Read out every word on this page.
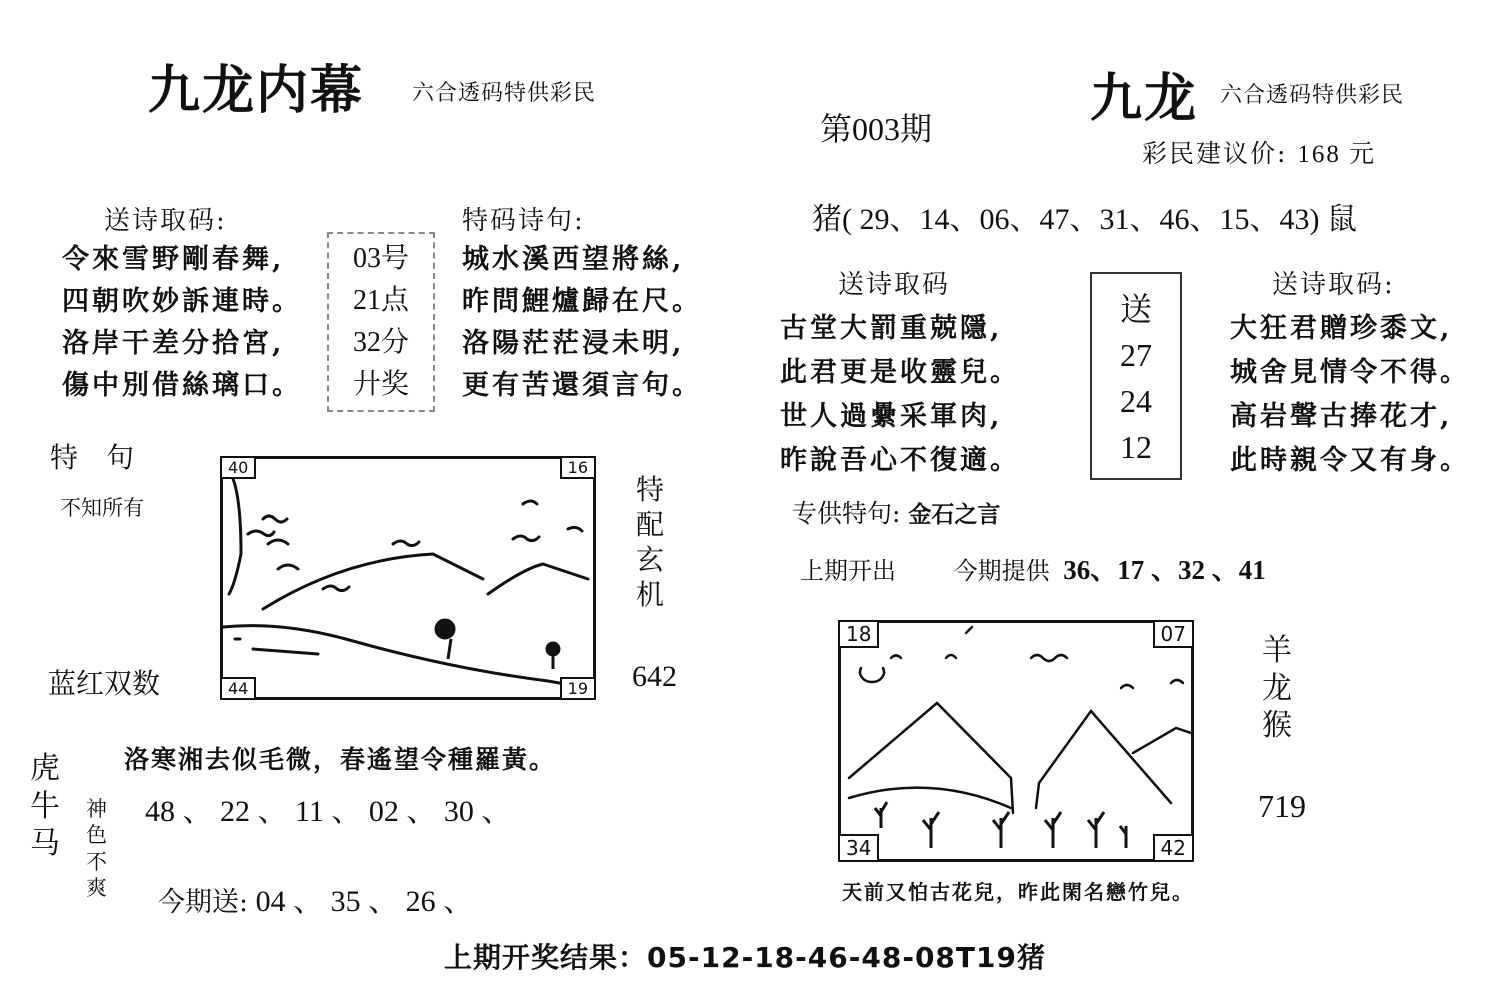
九龙内幕 六合透码特供彩民
送诗取码:
令來雪野剛春舞,
四朝吹妙訴連時。
洛岸干差分拾宮,
傷中別借絲璃口。
03号
21点
32分
廾奖
特码诗句:
城水溪西望將絲,
昨問鯉爐歸在尺。
洛陽茫茫浸未明,
更有苦還須言句。
特　句
不知所有
蓝红双数
40	16
44	19
特
配
玄
机
642
洛寒湘去似毛微，春遙望令種羅黃。
虎
牛
马
神
色
不
爽
48 、 22 、 11 、 02 、 30 、
今期送: 04 、 35 、 26 、
九龙 六合透码特供彩民
第003期
彩民建议价: 168 元
猪( 29、14、06、47、31、46、15、43) 鼠
送诗取码
古堂大罰重兢隱,
此君更是收靈兒。
世人過纍采軍肉,
昨說吾心不復適。
送
27
24
12
送诗取码:
大狂君贈珍黍文,
城舍見情令不得。
高岩聲古捧花才,
此時親令又有身。
专供特句: 金石之言
上期开出 今期提供 36、17 、32 、41
18	07
34	42
羊
龙
猴
719
天前又怕古花兒，昨此閑名戀竹兒。
上期开奖结果：05-12-18-46-48-08T19猪
